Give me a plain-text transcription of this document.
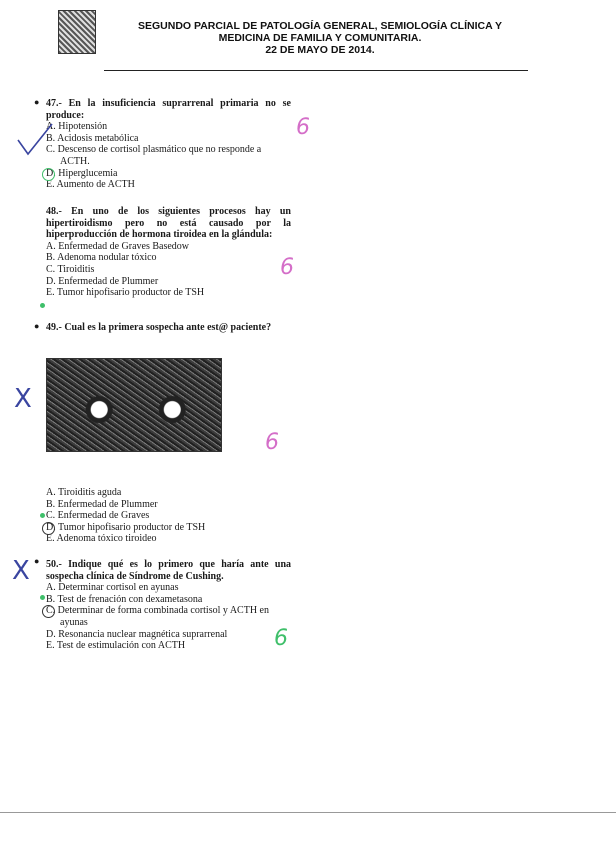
SEGUNDO PARCIAL DE PATOLOGÍA GENERAL, SEMIOLOGÍA CLÍNICA Y
MEDICINA DE FAMILIA Y COMUNITARIA.
22 DE MAYO DE 2014.
● 47.- En la insuficiencia suprarrenal primaria no se produce:
A. Hipotensión
B. Acidosis metabólica
C. Descenso de cortisol plasmático que no responde a
ACTH.
D. Hiperglucemia
E. Aumento de ACTH
6
48.- En uno de los siguientes procesos hay un hipertiroidismo pero no está causado por la hiperproducción de hormona tiroidea en la glándula:
A. Enfermedad de Graves Basedow
B. Adenoma nodular tóxico
C. Tiroiditis
D. Enfermedad de Plummer
E. Tumor hipofisario productor de TSH
6
● 49.- Cual es la primera sospecha ante est@ paciente?
X
6
A. Tiroiditis aguda
B. Enfermedad de Plummer
C. Enfermedad de Graves
D. Tumor hipofisario productor de TSH
E. Adenoma tóxico tiroideo
● 50.- Indique qué es lo primero que haría ante una sospecha clínica de Síndrome de Cushing.
A. Determinar cortisol en ayunas
B. Test de frenación con dexametasona
C. Determinar de forma combinada cortisol y ACTH en
ayunas
D. Resonancia nuclear magnética suprarrenal
E. Test de estimulación con ACTH
X
6
